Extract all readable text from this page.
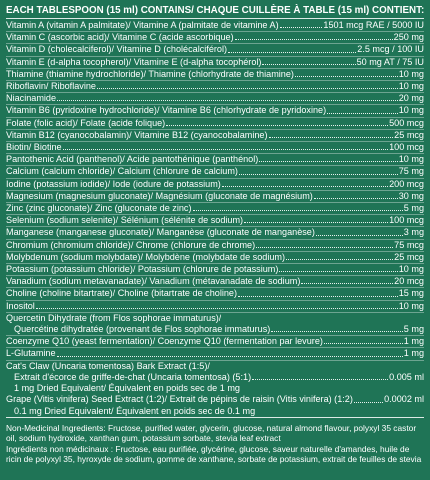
EACH TABLESPOON (15 ml) CONTAINS/ CHAQUE CUILLÈRE À TABLE (15 ml) CONTIENT:
Vitamin A (vitamin A palmitate)/ Vitamine A (palmitate de vitamine A)	1501 mcg RAE / 5000 IU
Vitamin C (ascorbic acid)/ Vitamine C (acide ascorbique)	250 mg
Vitamin D (cholecalciferol)/ Vitamine D (cholécalciférol)	2.5 mcg / 100 IU
Vitamin E (d-alpha tocopherol)/ Vitamine E (d-alpha tocophérol)	50 mg AT / 75 IU
Thiamine (thiamine hydrochloride)/ Thiamine (chlorhydrate de thiamine)	10 mg
Riboflavin/ Riboflavine	10 mg
Niacinamide	20 mg
Vitamin B6 (pyridoxine hydrochloride)/ Vitamine B6 (chlorhydrate de pyridoxine)	10 mg
Folate (folic acid)/ Folate (acide folique)	500 mcg
Vitamin B12 (cyanocobalamin)/ Vitamine B12 (cyanocobalamine)	25 mcg
Biotin/ Biotine	100 mcg
Pantothenic Acid (panthenol)/ Acide pantothénique (panthénol)	10 mg
Calcium (calcium chloride)/ Calcium (chlorure de calcium)	75 mg
Iodine (potassium iodide)/ Iode (iodure de potassium)	200 mcg
Magnesium (magnesium gluconate)/ Magnésium (gluconate de magnésium)	30 mg
Zinc (zinc gluconate)/ Zinc (gluconate de zinc)	5 mg
Selenium (sodium selenite)/ Sélénium (sélénite de sodium)	100 mcg
Manganese (manganese gluconate)/ Manganèse (gluconate de manganèse)	3 mg
Chromium (chromium chloride)/ Chrome (chlorure de chrome)	75 mcg
Molybdenum (sodium molybdate)/ Molybdène (molybdate de sodium)	25 mcg
Potassium (potassium chloride)/ Potassium (chlorure de potassium)	10 mg
Vanadium (sodium metavanadate)/ Vanadium (métavanadate de sodium)	20 mcg
Choline (choline bitartrate)/ Choline (bitartrate de choline)	15 mg
Inositol	10 mg
Quercetin Dihydrate (from Flos sophorae immaturus)/
Quercétine dihydratée (provenant de Flos sophorae immaturus)	5 mg
Coenzyme Q10 (yeast fermentation)/ Coenzyme Q10 (fermentation par levure)	1 mg
L-Glutamine	1 mg
Cat's Claw (Uncaria tomentosa) Bark Extract (1:5)/
Extrait d'écorce de griffe-de-chat (Uncaria tomentosa) (5:1)	0.005 ml
1 mg Dried Equivalent/ Équivalent en poids sec de 1 mg
Grape (Vitis vinifera) Seed Extract (1:2)/ Extrait de pépins de raisin (Vitis vinifera) (1:2)	0.0002 ml
0.1 mg Dried Equivalent/ Équivalent en poids sec de 0.1 mg

Non-Medicinal Ingredients: Fructose, purified water, glycerin, glucose, natural almond flavour, polyxyl 35 castor oil, sodium hydroxide, xanthan gum, potassium sorbate, stevia leaf extract

Ingrédients non médicinaux : Fructose, eau purifiée, glycérine, glucose, saveur naturelle d'amandes, huile de ricin de polyxyl 35, hyroxyde de sodium, gomme de xanthane, sorbate de potassium, extrait de feuilles de stevia
